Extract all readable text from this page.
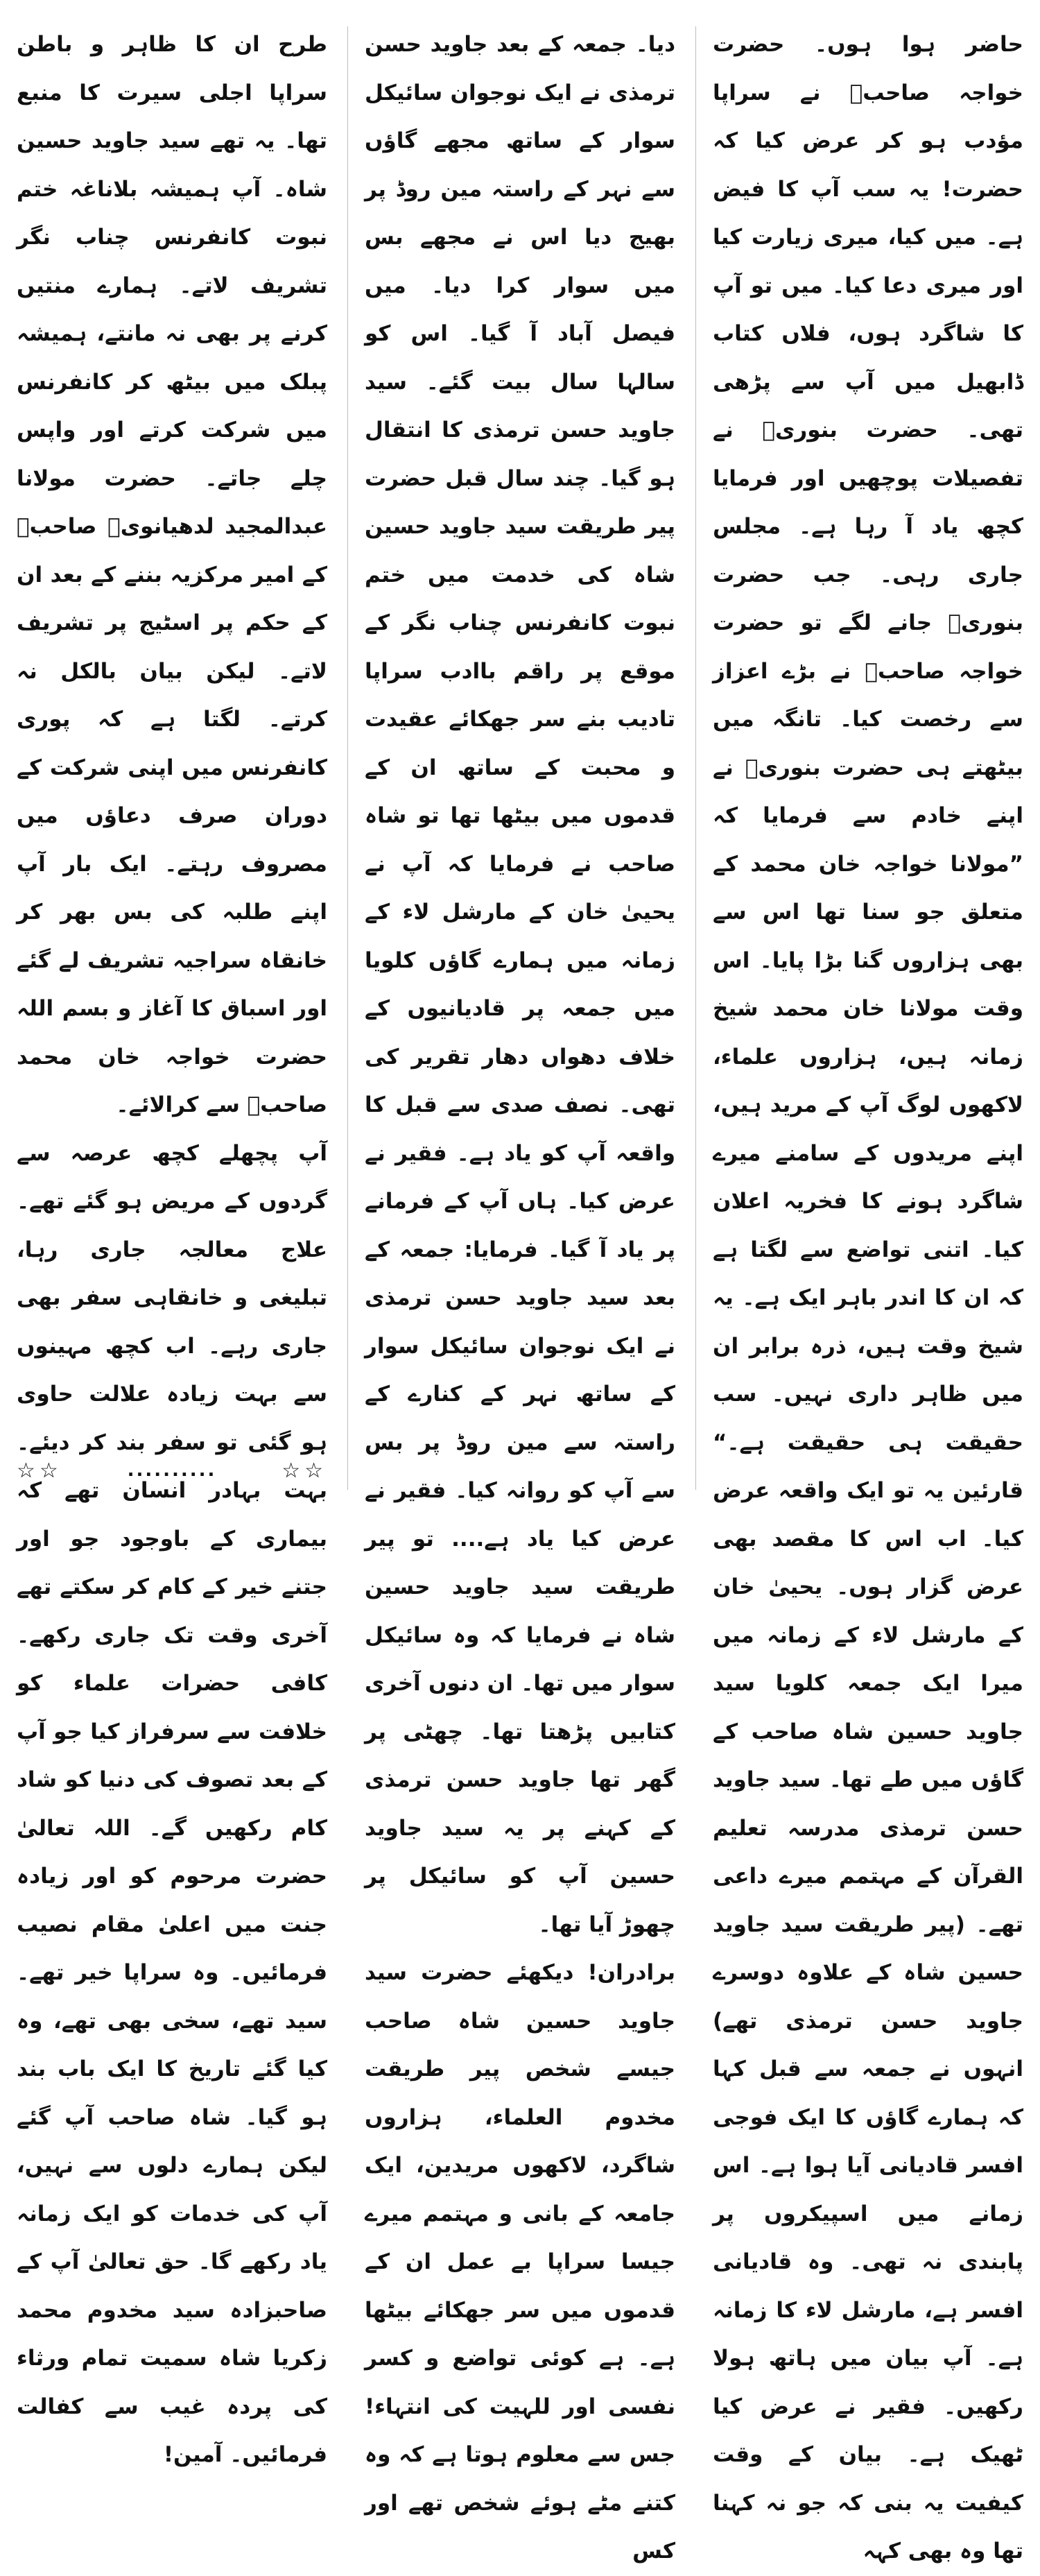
حاضر ہوا ہوں۔ حضرت خواجہ صاحبؒ نے سراپا مؤدب ہو کر عرض کیا کہ حضرت! یہ سب آپ کا فیض ہے۔ میں کیا، میری زیارت کیا اور میری دعا کیا۔ میں تو آپ کا شاگرد ہوں، فلاں کتاب ڈابھیل میں آپ سے پڑھی تھی۔ حضرت بنوریؒ نے تفصیلات پوچھیں اور فرمایا کچھ یاد آ رہا ہے۔ مجلس جاری رہی۔ جب حضرت بنوریؒ جانے لگے تو حضرت خواجہ صاحبؒ نے بڑے اعزاز سے رخصت کیا۔ تانگہ میں بیٹھتے ہی حضرت بنوریؒ نے اپنے خادم سے فرمایا کہ ”مولانا خواجہ خان محمد کے متعلق جو سنا تھا اس سے بھی ہزاروں گنا بڑا پایا۔ اس وقت مولانا خان محمد شیخ زمانہ ہیں، ہزاروں علماء، لاکھوں لوگ آپ کے مرید ہیں، اپنے مریدوں کے سامنے میرے شاگرد ہونے کا فخریہ اعلان کیا۔ اتنی تواضع سے لگتا ہے کہ ان کا اندر باہر ایک ہے۔ یہ شیخ وقت ہیں، ذرہ برابر ان میں ظاہر داری نہیں۔ سب حقیقت ہی حقیقت ہے۔“

قارئین یہ تو ایک واقعہ عرض کیا۔ اب اس کا مقصد بھی عرض گزار ہوں۔ یحییٰ خان کے مارشل لاء کے زمانہ میں میرا ایک جمعہ کلویا سید جاوید حسین شاہ صاحب کے گاؤں میں طے تھا۔ سید جاوید حسن ترمذی مدرسہ تعلیم القرآن کے مہتمم میرے داعی تھے۔ (پیر طریقت سید جاوید حسین شاہ کے علاوہ دوسرے جاوید حسن ترمذی تھے) انہوں نے جمعہ سے قبل کہا کہ ہمارے گاؤں کا ایک فوجی افسر قادیانی آیا ہوا ہے۔ اس زمانے میں اسپیکروں پر پابندی نہ تھی۔ وہ قادیانی افسر ہے، مارشل لاء کا زمانہ ہے۔ آپ بیان میں ہاتھ ہولا رکھیں۔ فقیر نے عرض کیا ٹھیک ہے۔ بیان کے وقت کیفیت یہ بنی کہ جو نہ کہنا تھا وہ بھی کہہ

دیا۔ جمعہ کے بعد جاوید حسن ترمذی نے ایک نوجوان سائیکل سوار کے ساتھ مجھے گاؤں سے نہر کے راستہ مین روڈ پر بھیج دیا اس نے مجھے بس میں سوار کرا دیا۔ میں فیصل آباد آ گیا۔ اس کو سالہا سال بیت گئے۔ سید جاوید حسن ترمذی کا انتقال ہو گیا۔ چند سال قبل حضرت پیر طریقت سید جاوید حسین شاہ کی خدمت میں ختم نبوت کانفرنس چناب نگر کے موقع پر راقم باادب سراپا تادیب بنے سر جھکائے عقیدت و محبت کے ساتھ ان کے قدموں میں بیٹھا تھا تو شاہ صاحب نے فرمایا کہ آپ نے یحییٰ خان کے مارشل لاء کے زمانہ میں ہمارے گاؤں کلویا میں جمعہ پر قادیانیوں کے خلاف دھواں دھار تقریر کی تھی۔ نصف صدی سے قبل کا واقعہ آپ کو یاد ہے۔ فقیر نے عرض کیا۔ ہاں آپ کے فرمانے پر یاد آ گیا۔ فرمایا: جمعہ کے بعد سید جاوید حسن ترمذی نے ایک نوجوان سائیکل سوار کے ساتھ نہر کے کنارے کے راستہ سے مین روڈ پر بس سے آپ کو روانہ کیا۔ فقیر نے عرض کیا یاد ہے.... تو پیر طریقت سید جاوید حسین شاہ نے فرمایا کہ وہ سائیکل سوار میں تھا۔ ان دنوں آخری کتابیں پڑھتا تھا۔ چھٹی پر گھر تھا جاوید حسن ترمذی کے کہنے پر یہ سید جاوید حسین آپ کو سائیکل پر چھوڑ آیا تھا۔

برادران! دیکھئے حضرت سید جاوید حسین شاہ صاحب جیسے شخص پیر طریقت مخدوم العلماء، ہزاروں شاگرد، لاکھوں مریدین، ایک جامعہ کے بانی و مہتمم میرے جیسا سراپا بے عمل ان کے قدموں میں سر جھکائے بیٹھا ہے۔ ہے کوئی تواضع و کسر نفسی اور للہیت کی انتہاء! جس سے معلوم ہوتا ہے کہ وہ کتنے مٹے ہوئے شخص تھے اور کس

طرح ان کا ظاہر و باطن سراپا اجلی سیرت کا منبع تھا۔ یہ تھے سید جاوید حسین شاہ۔ آپ ہمیشہ بلاناغہ ختم نبوت کانفرنس چناب نگر تشریف لاتے۔ ہمارے منتیں کرنے پر بھی نہ مانتے، ہمیشہ پبلک میں بیٹھ کر کانفرنس میں شرکت کرتے اور واپس چلے جاتے۔ حضرت مولانا عبدالمجید لدھیانویؒ صاحبؒ کے امیر مرکزیہ بننے کے بعد ان کے حکم پر اسٹیج پر تشریف لاتے۔ لیکن بیان بالکل نہ کرتے۔ لگتا ہے کہ پوری کانفرنس میں اپنی شرکت کے دوران صرف دعاؤں میں مصروف رہتے۔ ایک بار آپ اپنے طلبہ کی بس بھر کر خانقاہ سراجیہ تشریف لے گئے اور اسباق کا آغاز و بسم اللہ حضرت خواجہ خان محمد صاحبؒ سے کرالائے۔

آپ پچھلے کچھ عرصہ سے گردوں کے مریض ہو گئے تھے۔ علاج معالجہ جاری رہا، تبلیغی و خانقاہی سفر بھی جاری رہے۔ اب کچھ مہینوں سے بہت زیادہ علالت حاوی ہو گئی تو سفر بند کر دیئے۔ بہت بہادر انسان تھے کہ بیماری کے باوجود جو اور جتنے خیر کے کام کر سکتے تھے آخری وقت تک جاری رکھے۔ کافی حضرات علماء کو خلافت سے سرفراز کیا جو آپ کے بعد تصوف کی دنیا کو شاد کام رکھیں گے۔ اللہ تعالیٰ حضرت مرحوم کو اور زیادہ جنت میں اعلیٰ مقام نصیب فرمائیں۔ وہ سراپا خیر تھے۔ سید تھے، سخی بھی تھے، وہ کیا گئے تاریخ کا ایک باب بند ہو گیا۔ شاہ صاحب آپ گئے لیکن ہمارے دلوں سے نہیں، آپ کی خدمات کو ایک زمانہ یاد رکھے گا۔ حق تعالیٰ آپ کے صاحبزادہ سید مخدوم محمد زکریا شاہ سمیت تمام ورثاء کی پردہ غیب سے کفالت فرمائیں۔ آمین!

☆☆	..........	☆☆
